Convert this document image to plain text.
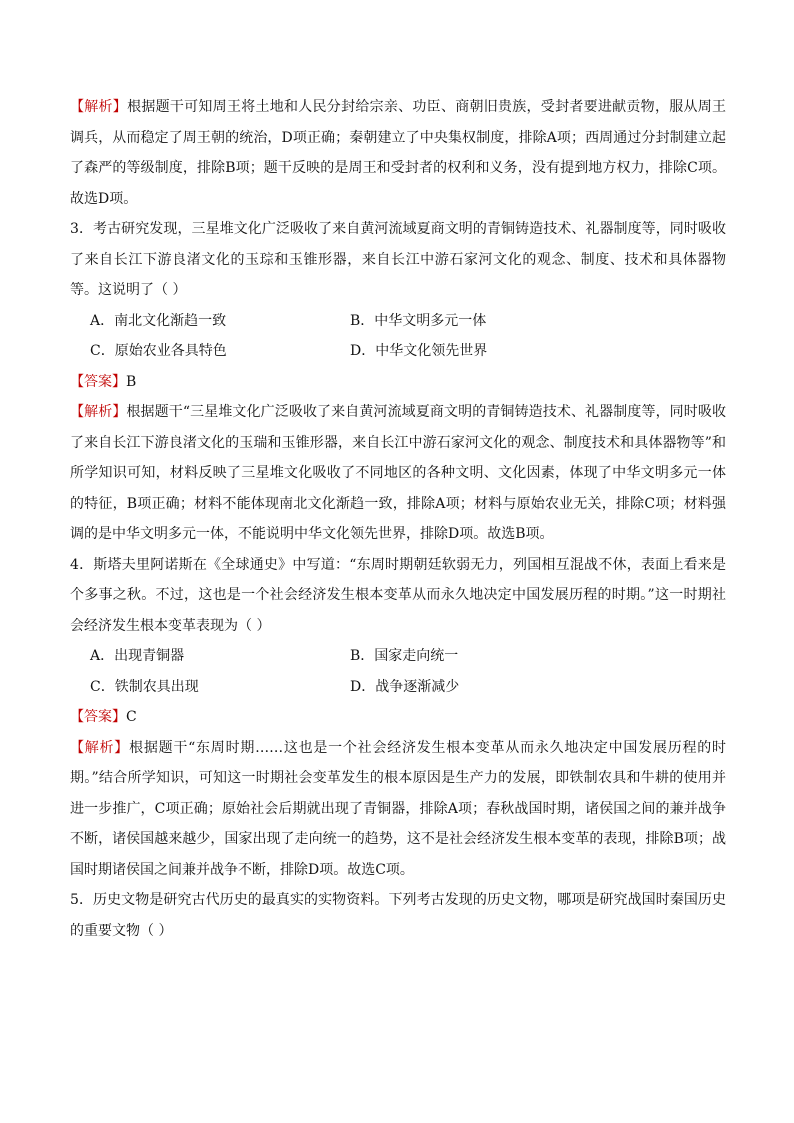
【解析】根据题干可知周王将土地和人民分封给宗亲、功臣、商朝旧贵族，受封者要进献贡物，服从周王调兵，从而稳定了周王朝的统治，D项正确；秦朝建立了中央集权制度，排除A项；西周通过分封制建立起了森严的等级制度，排除B项；题干反映的是周王和受封者的权利和义务，没有提到地方权力，排除C项。故选D项。

3．考古研究发现，三星堆文化广泛吸收了来自黄河流域夏商文明的青铜铸造技术、礼器制度等，同时吸收了来自长江下游良渚文化的玉琮和玉锥形器，来自长江中游石家河文化的观念、制度、技术和具体器物等。这说明了（ ）

A．南北文化渐趋一致	B．中华文明多元一体
C．原始农业各具特色	D．中华文化领先世界

【答案】B

【解析】根据题干“三星堆文化广泛吸收了来自黄河流域夏商文明的青铜铸造技术、礼器制度等，同时吸收了来自长江下游良渚文化的玉瑞和玉锥形器，来自长江中游石家河文化的观念、制度技术和具体器物等”和所学知识可知，材料反映了三星堆文化吸收了不同地区的各种文明、文化因素，体现了中华文明多元一体的特征，B项正确；材料不能体现南北文化渐趋一致，排除A项；材料与原始农业无关，排除C项；材料强调的是中华文明多元一体，不能说明中华文化领先世界，排除D项。故选B项。

4．斯塔夫里阿诺斯在《全球通史》中写道：“东周时期朝廷软弱无力，列国相互混战不休，表面上看来是个多事之秋。不过，这也是一个社会经济发生根本变革从而永久地决定中国发展历程的时期。”这一时期社会经济发生根本变革表现为（ ）

A．出现青铜器	B．国家走向统一
C．铁制农具出现	D．战争逐渐减少

【答案】C

【解析】根据题干“东周时期……这也是一个社会经济发生根本变革从而永久地决定中国发展历程的时期。”结合所学知识，可知这一时期社会变革发生的根本原因是生产力的发展，即铁制农具和牛耕的使用并进一步推广，C项正确；原始社会后期就出现了青铜器，排除A项；春秋战国时期，诸侯国之间的兼并战争不断，诸侯国越来越少，国家出现了走向统一的趋势，这不是社会经济发生根本变革的表现，排除B项；战国时期诸侯国之间兼并战争不断，排除D项。故选C项。

5．历史文物是研究古代历史的最真实的实物资料。下列考古发现的历史文物，哪项是研究战国时秦国历史的重要文物（ ）
